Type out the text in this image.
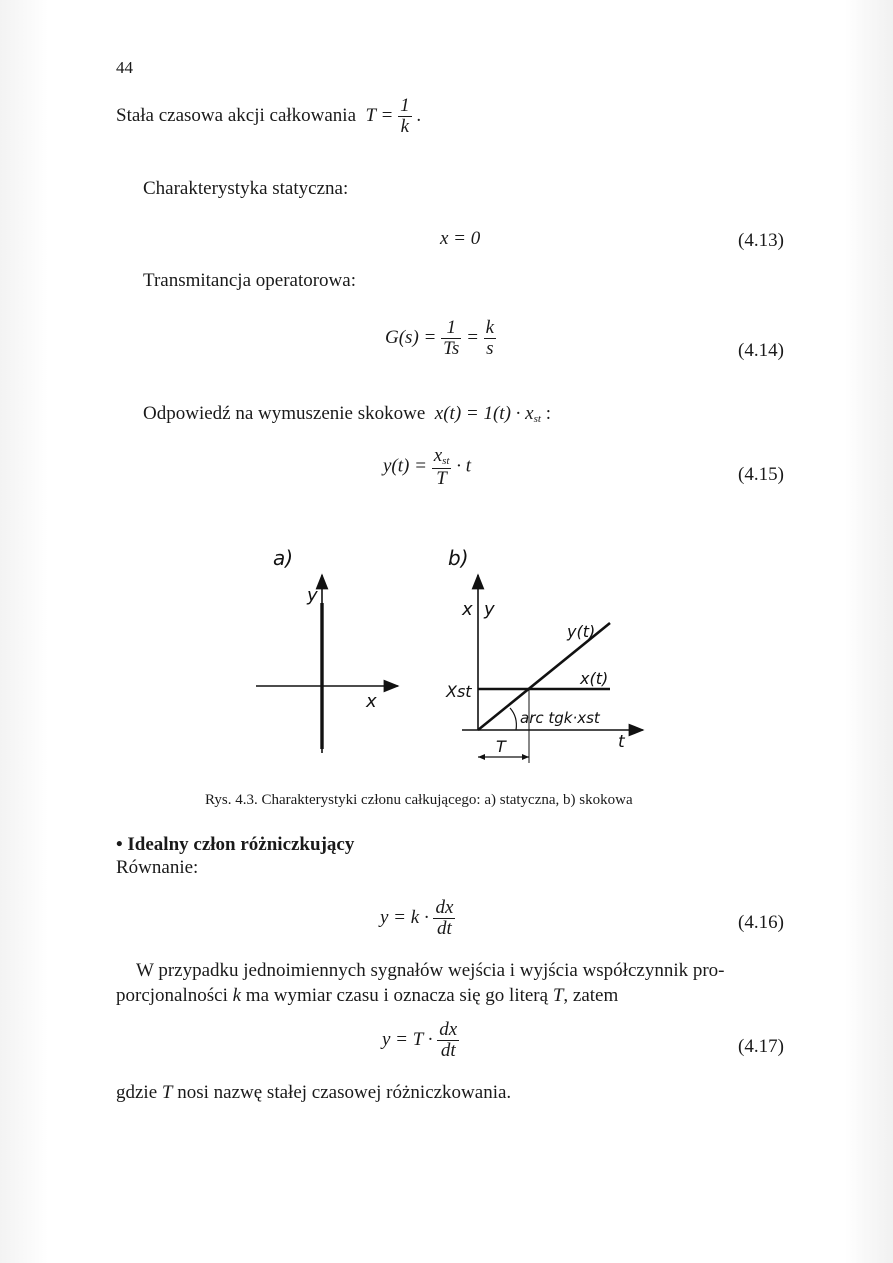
44
Stała czasowa akcji całkowania  $T = \frac{1}{k}$ .
Charakterystyka statyczna:
x = 0	(4.13)
Transmitancja operatorowa:
$G(s) = \frac{1}{Ts} = \frac{k}{s}$	(4.14)
Odpowiedź na wymuszenie skokowe  $x(t) = 1(t) \cdot x_{st}$ :
$y(t) = \frac{x_{st}}{T} \cdot t$	(4.15)
a)
y
x
b)
x y
T
arc tgk·xst
y(t)
x(t)
Xst
t
Rys. 4.3. Charakterystyki członu całkującego: a) statyczna, b) skokowa
• Idealny człon różniczkujący
Równanie:
$y = k \cdot \frac{dx}{dt}$	(4.16)
W przypadku jednoimiennych sygnałów wejścia i wyjścia współczynnik pro-
porcjonalności k ma wymiar czasu i oznacza się go literą T, zatem
$y = T \cdot \frac{dx}{dt}$	(4.17)
gdzie T nosi nazwę stałej czasowej różniczkowania.
